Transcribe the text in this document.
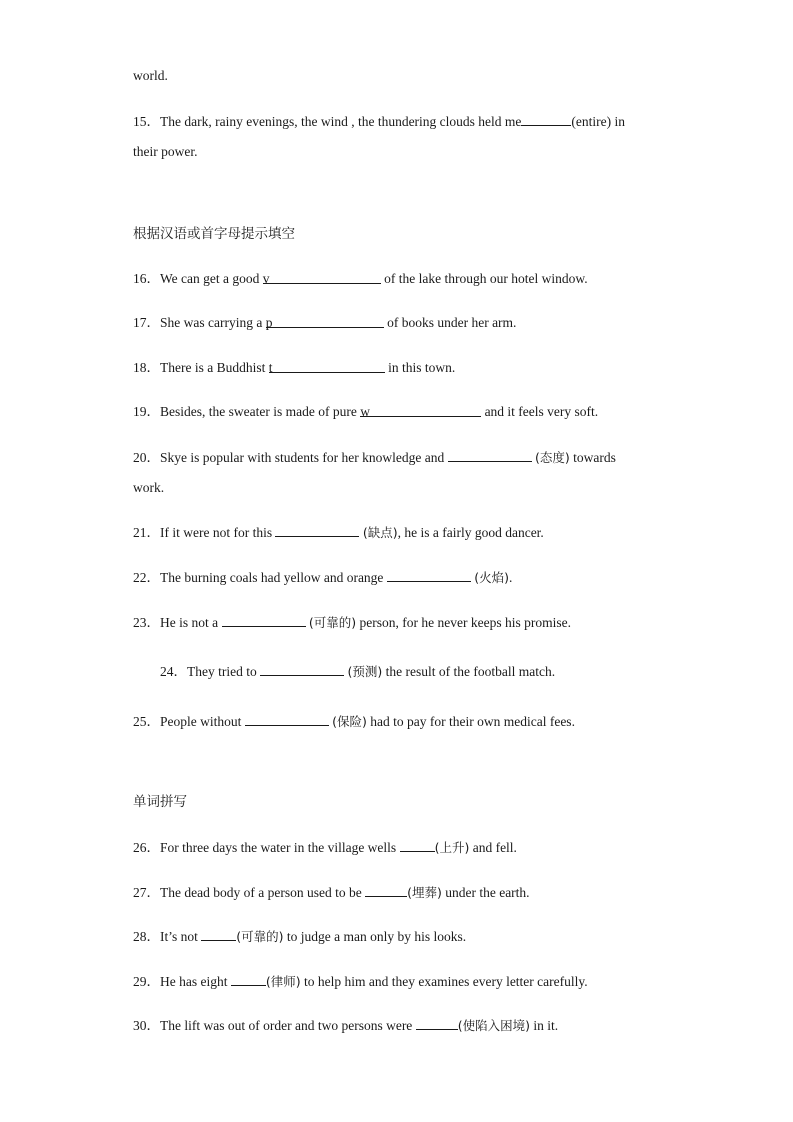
world.
15．The dark, rainy evenings, the wind , the thundering clouds held me	(entire) in
their power.
根据汉语或首字母提示填空
16．We can get a good v	of the lake through our hotel window.
17．She was carrying a p	of books under her arm.
18．There is a Buddhist t	in this town.
19．Besides, the sweater is made of pure w	and it feels very soft.
20．Skye is popular with students for her knowledge and	(态度) towards
work.
21．If it were not for this	(缺点), he is a fairly good dancer.
22．The burning coals had yellow and orange	(火焰).
23．He is not a	(可靠的) person, for he never keeps his promise.
24．They tried to	(预测) the result of the football match.
25．People without	(保险) had to pay for their own medical fees.
单词拼写
26．For three days the water in the village wells	(上升) and fell.
27．The dead body of a person used to be	(埋葬) under the earth.
28．It’s not	(可靠的) to judge a man only by his looks.
29．He has eight	(律师) to help him and they examines every letter carefully.
30．The lift was out of order and two persons were	(使陷入困境) in it.
